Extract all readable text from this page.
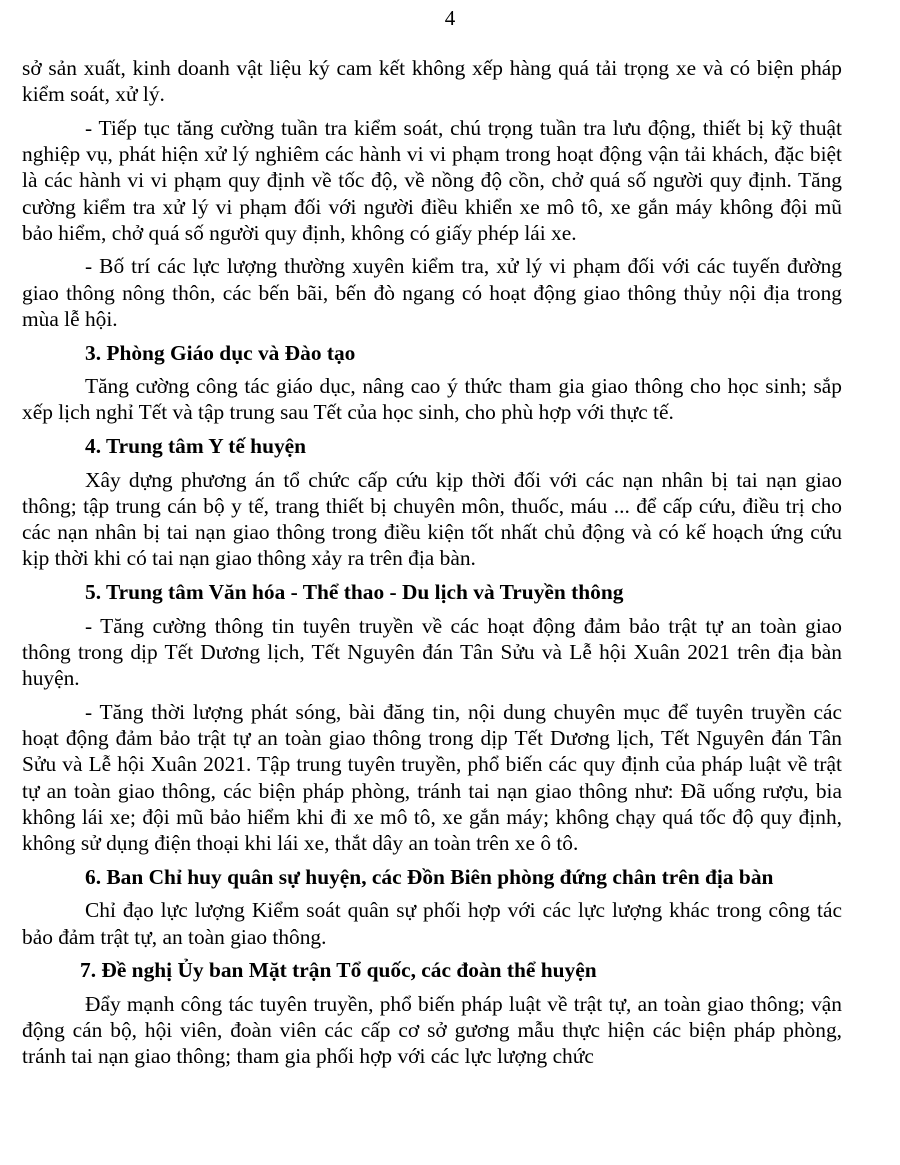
4

sở sản xuất, kinh doanh vật liệu ký cam kết không xếp hàng quá tải trọng xe và có biện pháp kiểm soát, xử lý.

- Tiếp tục tăng cường tuần tra kiểm soát, chú trọng tuần tra lưu động, thiết bị kỹ thuật nghiệp vụ, phát hiện xử lý nghiêm các hành vi vi phạm trong hoạt động vận tải khách, đặc biệt là các hành vi vi phạm quy định về tốc độ, về nồng độ cồn, chở quá số người quy định. Tăng cường kiểm tra xử lý vi phạm đối với người điều khiển xe mô tô, xe gắn máy không đội mũ bảo hiểm, chở quá số người quy định, không có giấy phép lái xe.

- Bố trí các lực lượng thường xuyên kiểm tra, xử lý vi phạm đối với các tuyến đường giao thông nông thôn, các bến bãi, bến đò ngang có hoạt động giao thông thủy nội địa trong mùa lễ hội.

3. Phòng Giáo dục và Đào tạo

Tăng cường công tác giáo dục, nâng cao ý thức tham gia giao thông cho học sinh; sắp xếp lịch nghỉ Tết và tập trung sau Tết của học sinh, cho phù hợp với thực tế.

4. Trung tâm Y tế huyện

Xây dựng phương án tổ chức cấp cứu kịp thời đối với các nạn nhân bị tai nạn giao thông; tập trung cán bộ y tế, trang thiết bị chuyên môn, thuốc, máu ... để cấp cứu, điều trị cho các nạn nhân bị tai nạn giao thông trong điều kiện tốt nhất chủ động và có kế hoạch ứng cứu kịp thời khi có tai nạn giao thông xảy ra trên địa bàn.

5. Trung tâm Văn hóa - Thể thao - Du lịch và Truyền thông

- Tăng cường thông tin tuyên truyền về các hoạt động đảm bảo trật tự an toàn giao thông trong dịp Tết Dương lịch, Tết Nguyên đán Tân Sửu và Lễ hội Xuân 2021 trên địa bàn huyện.

- Tăng thời lượng phát sóng, bài đăng tin, nội dung chuyên mục để tuyên truyền các hoạt động đảm bảo trật tự an toàn giao thông trong dịp Tết Dương lịch, Tết Nguyên đán Tân Sửu và Lễ hội Xuân 2021. Tập trung tuyên truyền, phổ biến các quy định của pháp luật về trật tự an toàn giao thông, các biện pháp phòng, tránh tai nạn giao thông như: Đã uống rượu, bia không lái xe; đội mũ bảo hiểm khi đi xe mô tô, xe gắn máy; không chạy quá tốc độ quy định, không sử dụng điện thoại khi lái xe, thắt dây an toàn trên xe ô tô.

6. Ban Chỉ huy quân sự huyện, các Đồn Biên phòng đứng chân trên địa bàn

Chỉ đạo lực lượng Kiểm soát quân sự phối hợp với các lực lượng khác trong công tác bảo đảm trật tự, an toàn giao thông.

7. Đề nghị Ủy ban Mặt trận Tổ quốc, các đoàn thể huyện

Đẩy mạnh công tác tuyên truyền, phổ biến pháp luật về trật tự, an toàn giao thông; vận động cán bộ, hội viên, đoàn viên các cấp cơ sở gương mẫu thực hiện các biện pháp phòng, tránh tai nạn giao thông; tham gia phối hợp với các lực lượng chức
